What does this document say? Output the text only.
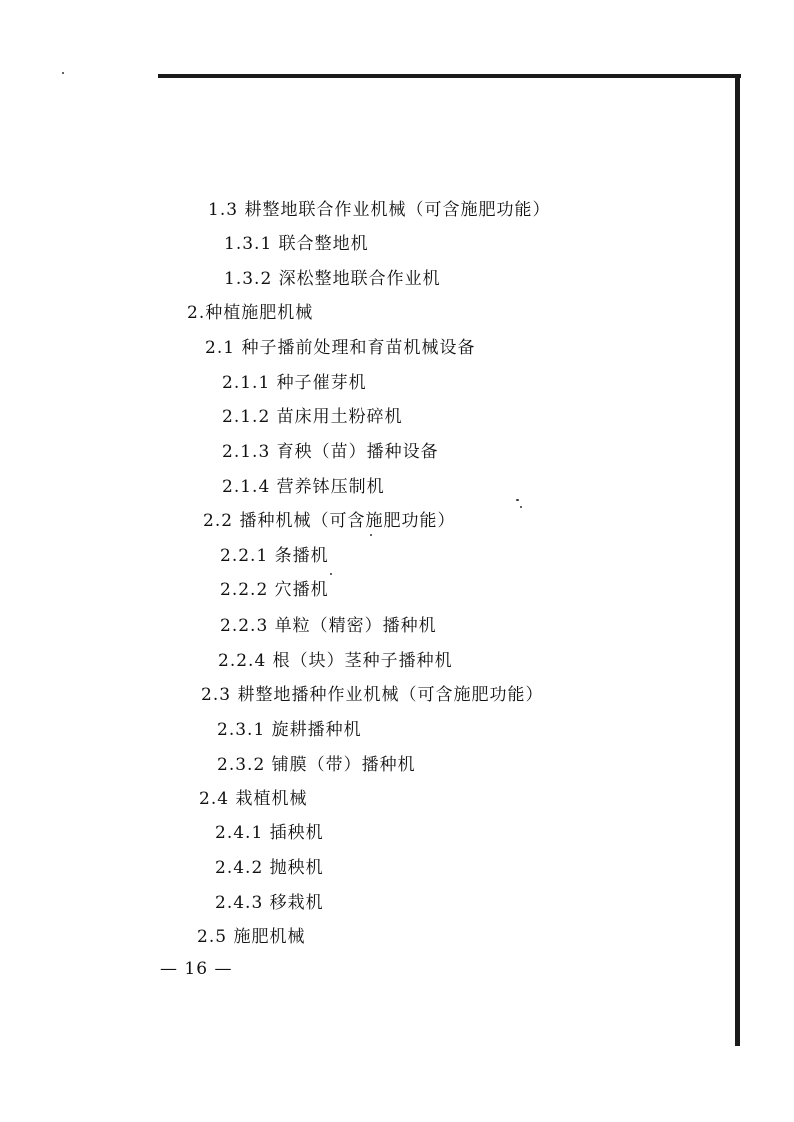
1.3 耕整地联合作业机械（可含施肥功能）
1.3.1 联合整地机
1.3.2 深松整地联合作业机
2.种植施肥机械
2.1 种子播前处理和育苗机械设备
2.1.1 种子催芽机
2.1.2 苗床用土粉碎机
2.1.3 育秧（苗）播种设备
2.1.4 营养钵压制机
2.2 播种机械（可含施肥功能）
2.2.1 条播机
2.2.2 穴播机
2.2.3 单粒（精密）播种机
2.2.4 根（块）茎种子播种机
2.3 耕整地播种作业机械（可含施肥功能）
2.3.1 旋耕播种机
2.3.2 铺膜（带）播种机
2.4 栽植机械
2.4.1 插秧机
2.4.2 抛秧机
2.4.3 移栽机
2.5 施肥机械
— 16 —
